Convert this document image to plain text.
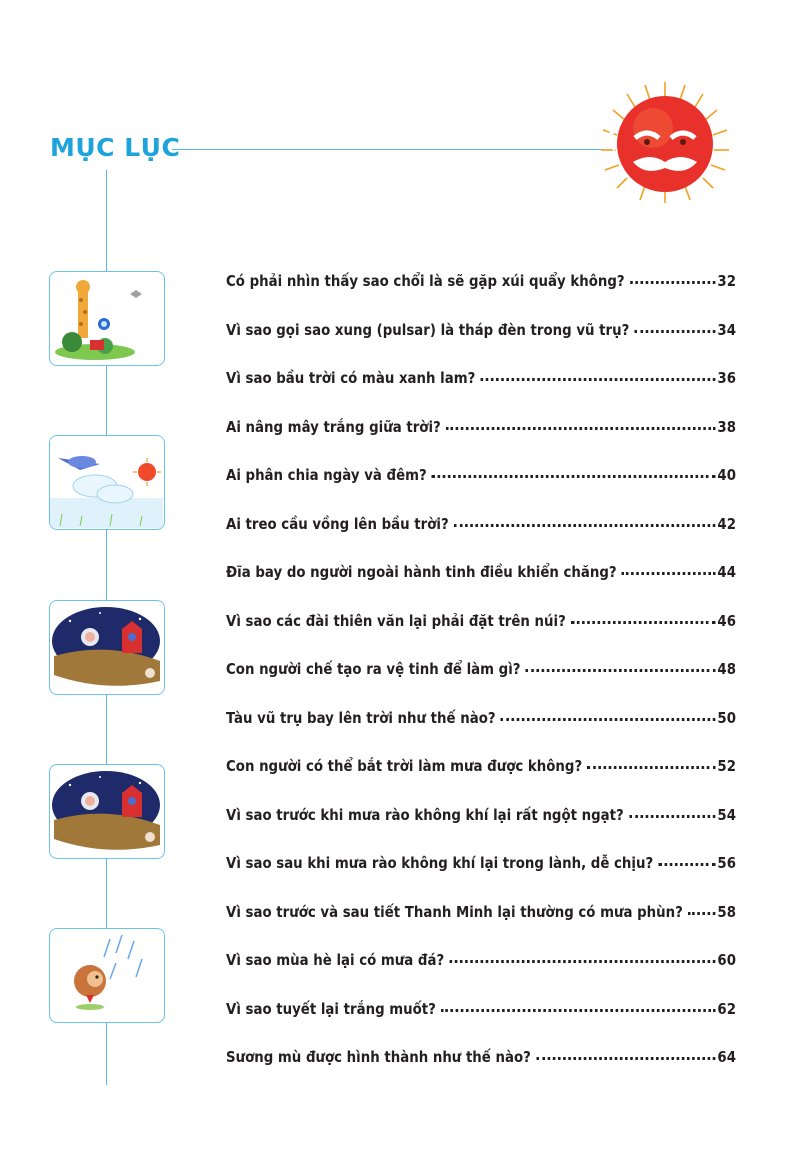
MỤC LỤC
Có phải nhìn thấy sao chổi là sẽ gặp xúi quẩy không?	32
Vì sao gọi sao xung (pulsar) là tháp đèn trong vũ trụ?	34
Vì sao bầu trời có màu xanh lam?	36
Ai nâng mây trắng giữa trời?	38
Ai phân chia ngày và đêm?	40
Ai treo cầu vồng lên bầu trời?	42
Đĩa bay do người ngoài hành tinh điều khiển chăng?	44
Vì sao các đài thiên văn lại phải đặt trên núi?	46
Con người chế tạo ra vệ tinh để làm gì?	48
Tàu vũ trụ bay lên trời như thế nào?	50
Con người có thể bắt trời làm mưa được không?	52
Vì sao trước khi mưa rào không khí lại rất ngột ngạt?	54
Vì sao sau khi mưa rào không khí lại trong lành, dễ chịu?	56
Vì sao trước và sau tiết Thanh Minh lại thường có mưa phùn? 58
Vì sao mùa hè lại có mưa đá?	60
Vì sao tuyết lại trắng muốt?	62
Sương mù được hình thành như thế nào?	64
